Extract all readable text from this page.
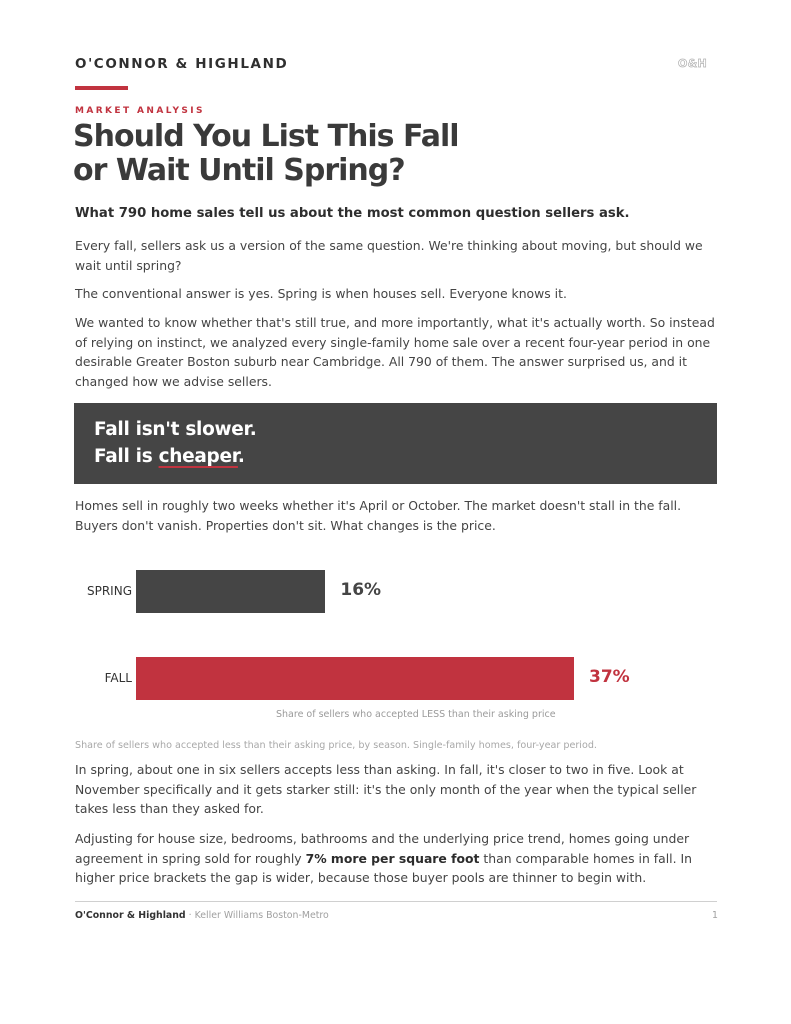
O'CONNOR & HIGHLAND	O&H
MARKET ANALYSIS
Should You List This Fall
or Wait Until Spring?
What 790 home sales tell us about the most common question sellers ask.

Every fall, sellers ask us a version of the same question. We're thinking about moving, but should we wait until spring?

The conventional answer is yes. Spring is when houses sell. Everyone knows it.

We wanted to know whether that's still true, and more importantly, what it's actually worth. So instead of relying on instinct, we analyzed every single-family home sale over a recent four-year period in one desirable Greater Boston suburb near Cambridge. All 790 of them. The answer surprised us, and it changed how we advise sellers.

Fall isn't slower.
Fall is cheaper.

Homes sell in roughly two weeks whether it's April or October. The market doesn't stall in the fall. Buyers don't vanish. Properties don't sit. What changes is the price.

SPRING	16%
FALL	37%
Share of sellers who accepted LESS than their asking price
Share of sellers who accepted less than their asking price, by season. Single-family homes, four-year period.

In spring, about one in six sellers accepts less than asking. In fall, it's closer to two in five. Look at November specifically and it gets starker still: it's the only month of the year when the typical seller takes less than they asked for.

Adjusting for house size, bedrooms, bathrooms and the underlying price trend, homes going under agreement in spring sold for roughly 7% more per square foot than comparable homes in fall. In higher price brackets the gap is wider, because those buyer pools are thinner to begin with.

O'Connor & Highland · Keller Williams Boston-Metro	1
